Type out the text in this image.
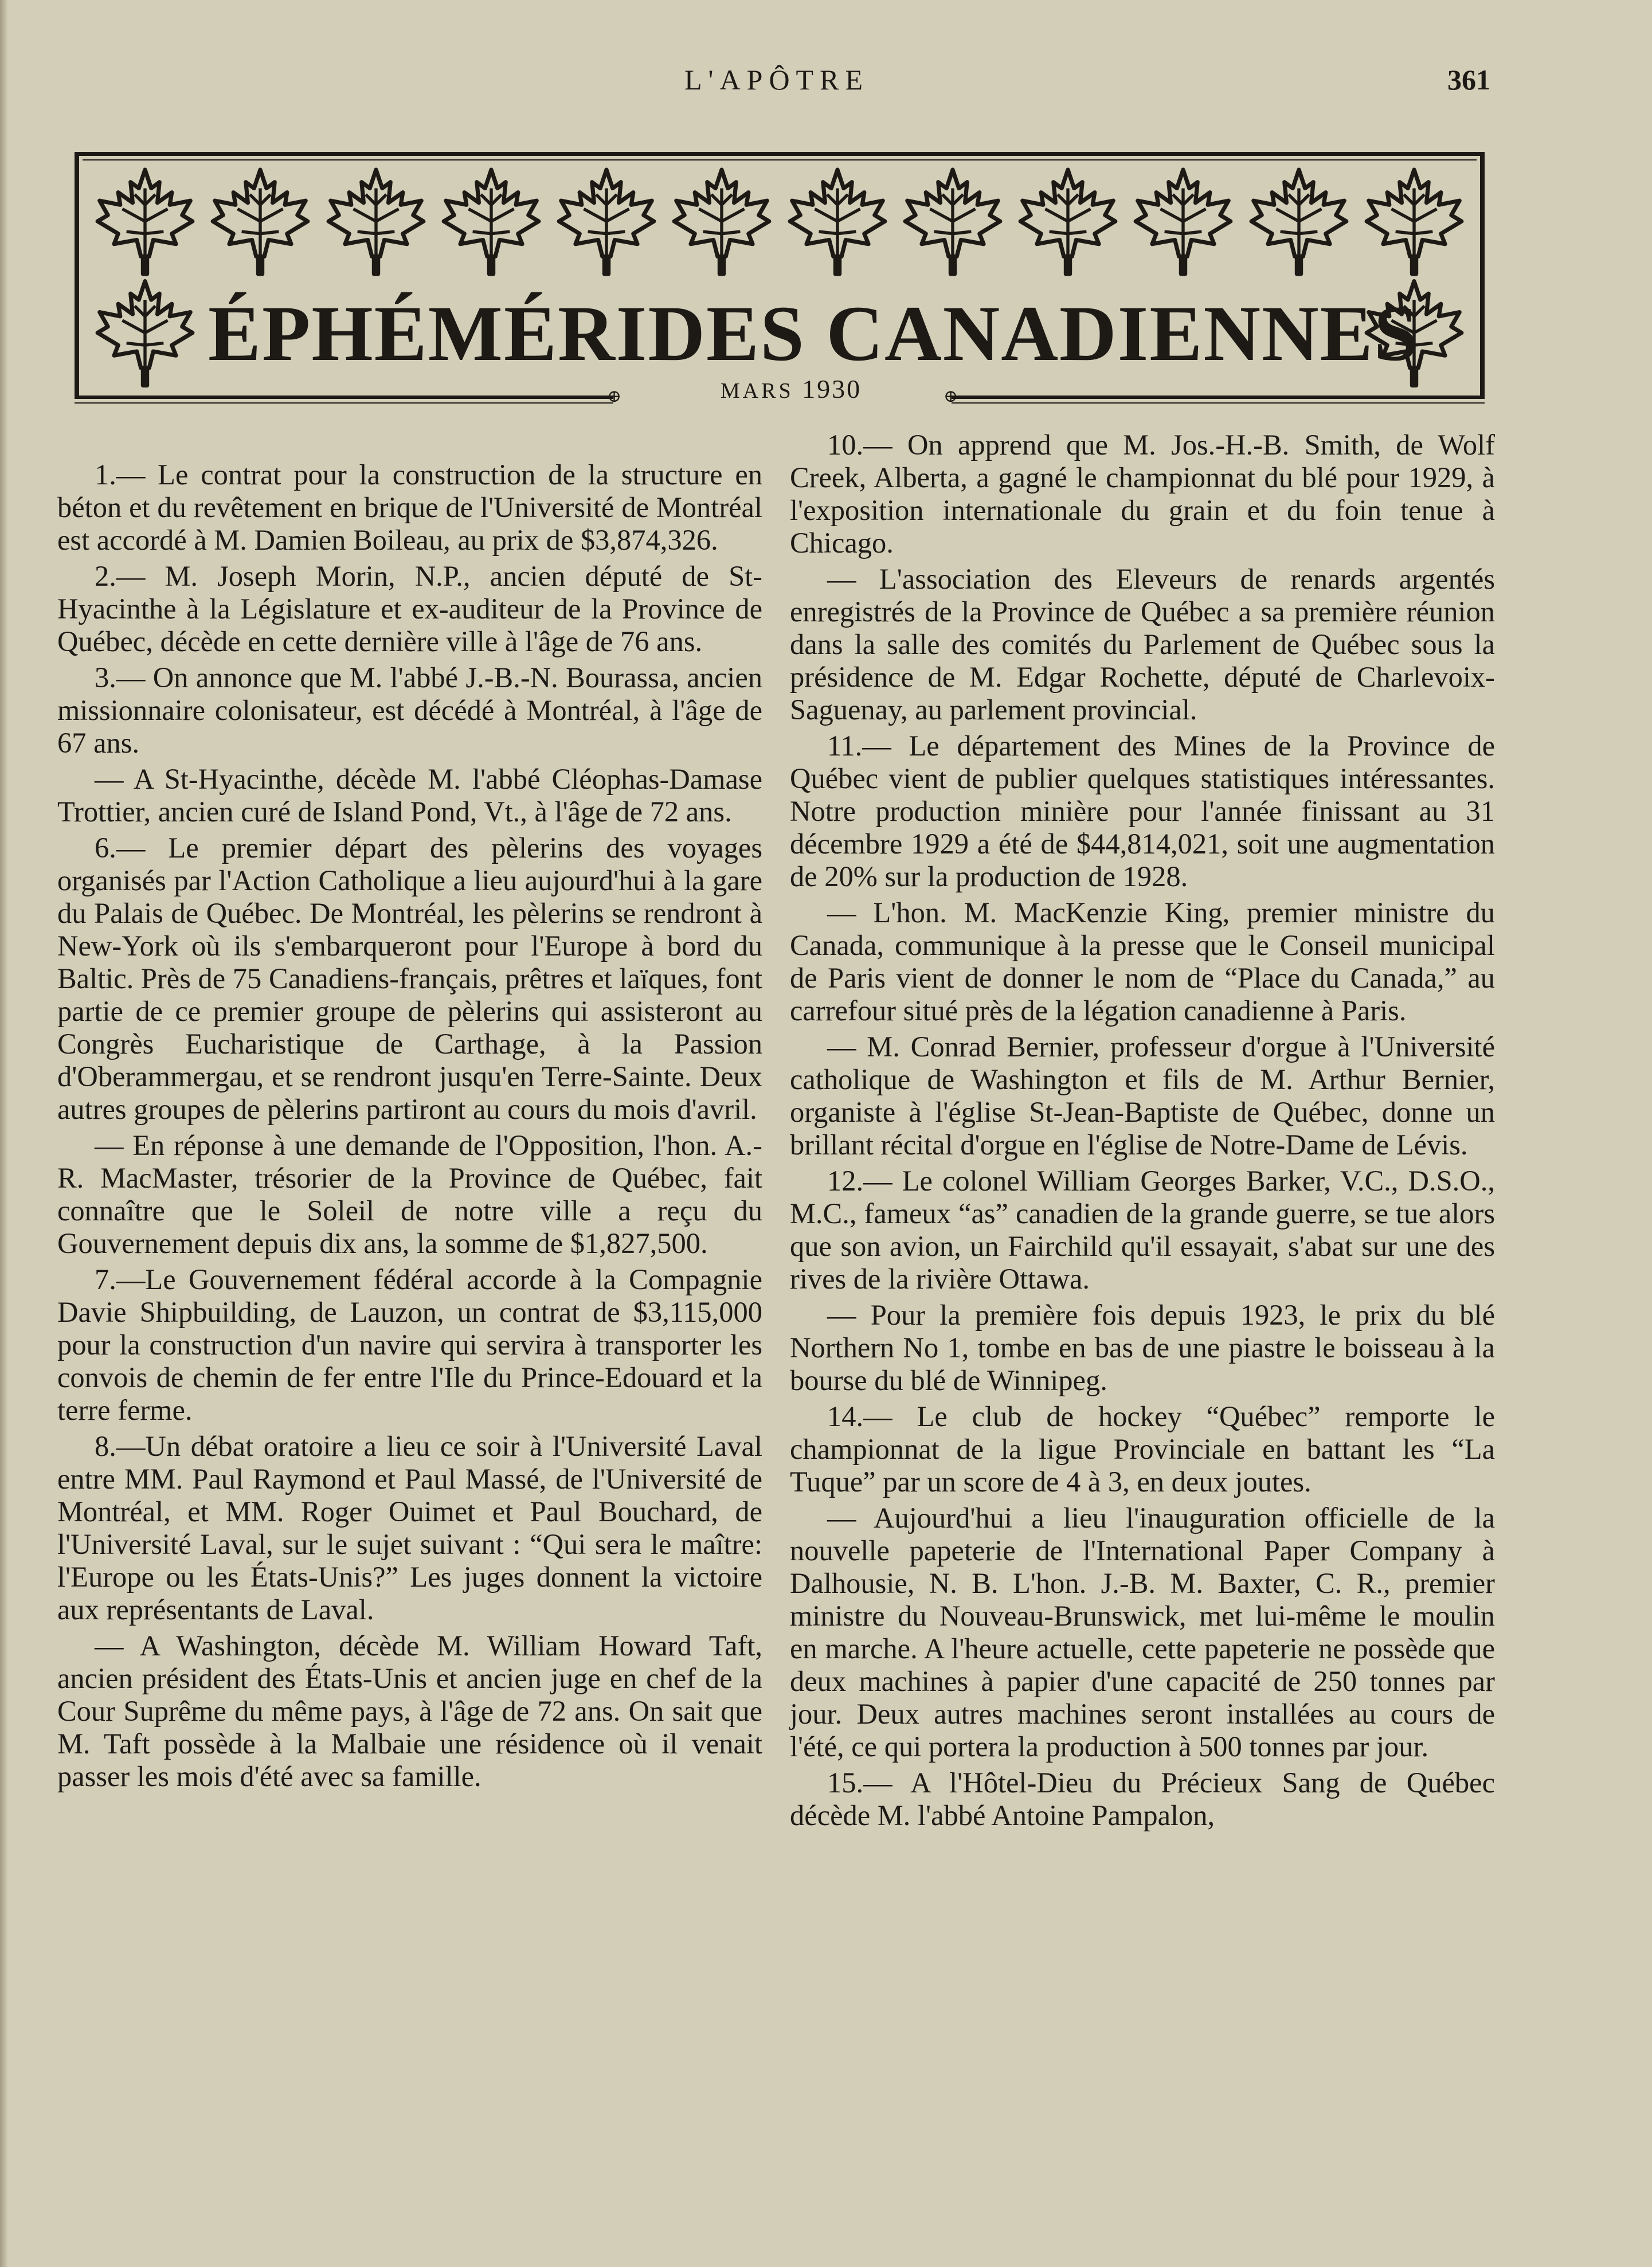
L'APÔTRE	361
ÉPHÉMÉRIDES CANADIENNES
⊕
MARS 1930
⊕

1.— Le contrat pour la construction de la structure en béton et du revêtement en brique de l'Université de Montréal est accordé à M. Damien Boileau, au prix de $3,874,326.

2.— M. Joseph Morin, N.P., ancien député de St-Hyacinthe à la Législature et ex-auditeur de la Province de Québec, décède en cette dernière ville à l'âge de 76 ans.

3.— On annonce que M. l'abbé J.-B.-N. Bourassa, ancien missionnaire colonisateur, est décédé à Montréal, à l'âge de 67 ans.

— A St-Hyacinthe, décède M. l'abbé Cléophas-Damase Trottier, ancien curé de Island Pond, Vt., à l'âge de 72 ans.

6.— Le premier départ des pèlerins des voyages organisés par l'Action Catholique a lieu aujourd'hui à la gare du Palais de Québec. De Montréal, les pèlerins se rendront à New-York où ils s'embarqueront pour l'Europe à bord du Baltic. Près de 75 Canadiens-français, prêtres et laïques, font partie de ce premier groupe de pèlerins qui assisteront au Congrès Eucharistique de Carthage, à la Passion d'Oberammergau, et se rendront jusqu'en Terre-Sainte. Deux autres groupes de pèlerins partiront au cours du mois d'avril.

— En réponse à une demande de l'Opposition, l'hon. A.-R. MacMaster, trésorier de la Province de Québec, fait connaître que le Soleil de notre ville a reçu du Gouvernement depuis dix ans, la somme de $1,827,500.

7.—Le Gouvernement fédéral accorde à la Compagnie Davie Shipbuilding, de Lauzon, un contrat de $3,115,000 pour la construction d'un navire qui servira à transporter les convois de chemin de fer entre l'Ile du Prince-Edouard et la terre ferme.

8.—Un débat oratoire a lieu ce soir à l'Université Laval entre MM. Paul Raymond et Paul Massé, de l'Université de Montréal, et MM. Roger Ouimet et Paul Bouchard, de l'Université Laval, sur le sujet suivant : “Qui sera le maître: l'Europe ou les États-Unis?” Les juges donnent la victoire aux représentants de Laval.

— A Washington, décède M. William Howard Taft, ancien président des États-Unis et ancien juge en chef de la Cour Suprême du même pays, à l'âge de 72 ans. On sait que M. Taft possède à la Malbaie une résidence où il venait passer les mois d'été avec sa famille.

10.— On apprend que M. Jos.-H.-B. Smith, de Wolf Creek, Alberta, a gagné le championnat du blé pour 1929, à l'exposition internationale du grain et du foin tenue à Chicago.

— L'association des Eleveurs de renards argentés enregistrés de la Province de Québec a sa première réunion dans la salle des comités du Parlement de Québec sous la présidence de M. Edgar Rochette, député de Charlevoix-Saguenay, au parlement provincial.

11.— Le département des Mines de la Province de Québec vient de publier quelques statistiques intéressantes. Notre production minière pour l'année finissant au 31 décembre 1929 a été de $44,814,021, soit une augmentation de 20% sur la production de 1928.

— L'hon. M. MacKenzie King, premier ministre du Canada, communique à la presse que le Conseil municipal de Paris vient de donner le nom de “Place du Canada,” au carrefour situé près de la légation canadienne à Paris.

— M. Conrad Bernier, professeur d'orgue à l'Université catholique de Washington et fils de M. Arthur Bernier, organiste à l'église St-Jean-Baptiste de Québec, donne un brillant récital d'orgue en l'église de Notre-Dame de Lévis.

12.— Le colonel William Georges Barker, V.C., D.S.O., M.C., fameux “as” canadien de la grande guerre, se tue alors que son avion, un Fairchild qu'il essayait, s'abat sur une des rives de la rivière Ottawa.

— Pour la première fois depuis 1923, le prix du blé Northern No 1, tombe en bas de une piastre le boisseau à la bourse du blé de Winnipeg.

14.— Le club de hockey “Québec” remporte le championnat de la ligue Provinciale en battant les “La Tuque” par un score de 4 à 3, en deux joutes.

— Aujourd'hui a lieu l'inauguration officielle de la nouvelle papeterie de l'International Paper Company à Dalhousie, N. B. L'hon. J.-B. M. Baxter, C. R., premier ministre du Nouveau-Brunswick, met lui-même le moulin en marche. A l'heure actuelle, cette papeterie ne possède que deux machines à papier d'une capacité de 250 tonnes par jour. Deux autres machines seront installées au cours de l'été, ce qui portera la production à 500 tonnes par jour.

15.— A l'Hôtel-Dieu du Précieux Sang de Québec décède M. l'abbé Antoine Pampalon,
